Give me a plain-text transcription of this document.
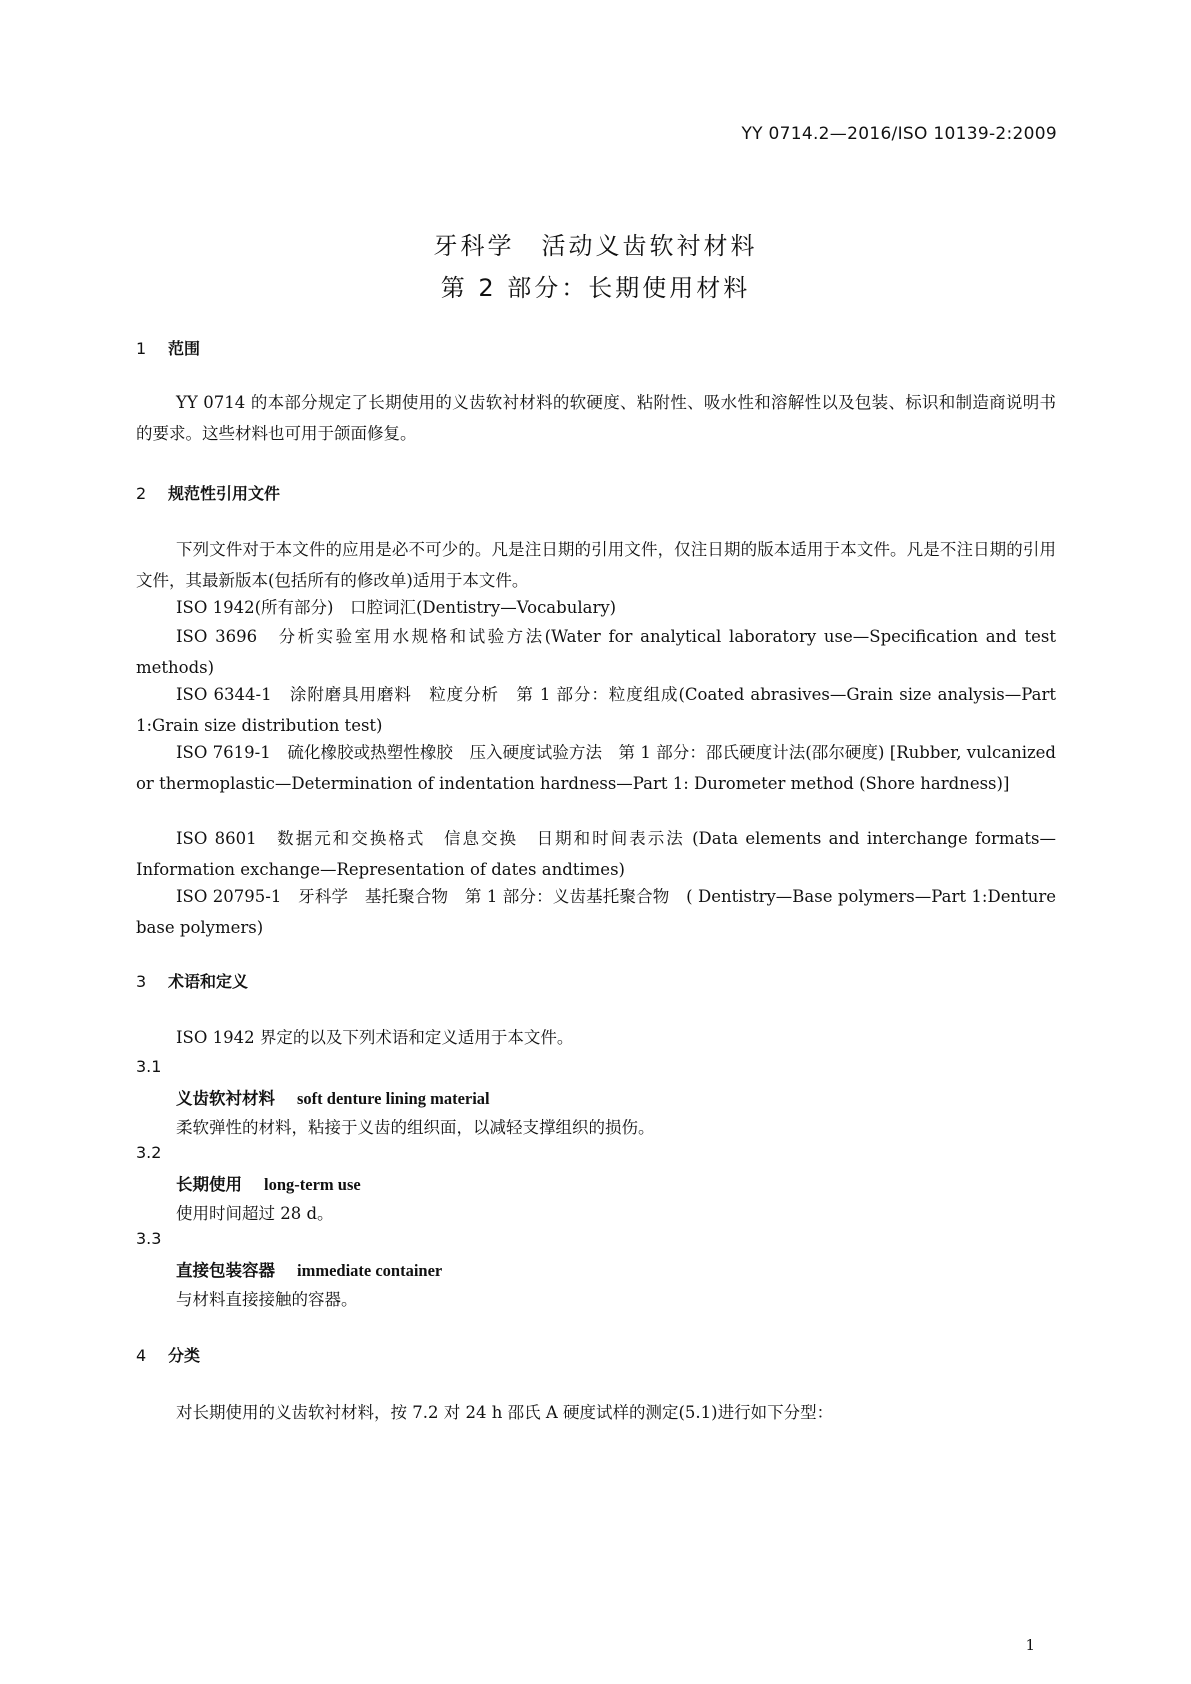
YY 0714.2—2016/ISO 10139-2:2009
牙科学　活动义齿软衬材料
第 2 部分：长期使用材料
1 范围
YY 0714 的本部分规定了长期使用的义齿软衬材料的软硬度、粘附性、吸水性和溶解性以及包装、标识和制造商说明书的要求。这些材料也可用于颌面修复。
2 规范性引用文件
下列文件对于本文件的应用是必不可少的。凡是注日期的引用文件，仅注日期的版本适用于本文件。凡是不注日期的引用文件，其最新版本(包括所有的修改单)适用于本文件。
ISO 1942(所有部分)　口腔词汇(Dentistry—Vocabulary)
ISO 3696　分析实验室用水规格和试验方法(Water for analytical laboratory use—Specification and test methods)
ISO 6344-1　涂附磨具用磨料　粒度分析　第 1 部分：粒度组成(Coated abrasives—Grain size analysis—Part 1:Grain size distribution test)
ISO 7619-1　硫化橡胶或热塑性橡胶　压入硬度试验方法　第 1 部分：邵氏硬度计法(邵尔硬度) [Rubber, vulcanized or thermoplastic—Determination of indentation hardness—Part 1: Durometer method (Shore hardness)]
ISO 8601　数据元和交换格式　信息交换　日期和时间表示法 (Data elements and interchange formats—Information exchange—Representation of dates andtimes)
ISO 20795-1　牙科学　基托聚合物　第 1 部分：义齿基托聚合物　( Dentistry—Base polymers—Part 1:Denture base polymers)
3 术语和定义
ISO 1942 界定的以及下列术语和定义适用于本文件。
3.1
义齿软衬材料 soft denture lining material
柔软弹性的材料，粘接于义齿的组织面，以减轻支撑组织的损伤。
3.2
长期使用 long-term use
使用时间超过 28 d。
3.3
直接包装容器 immediate container
与材料直接接触的容器。
4 分类
对长期使用的义齿软衬材料，按 7.2 对 24 h 邵氏 A 硬度试样的测定(5.1)进行如下分型：
1
